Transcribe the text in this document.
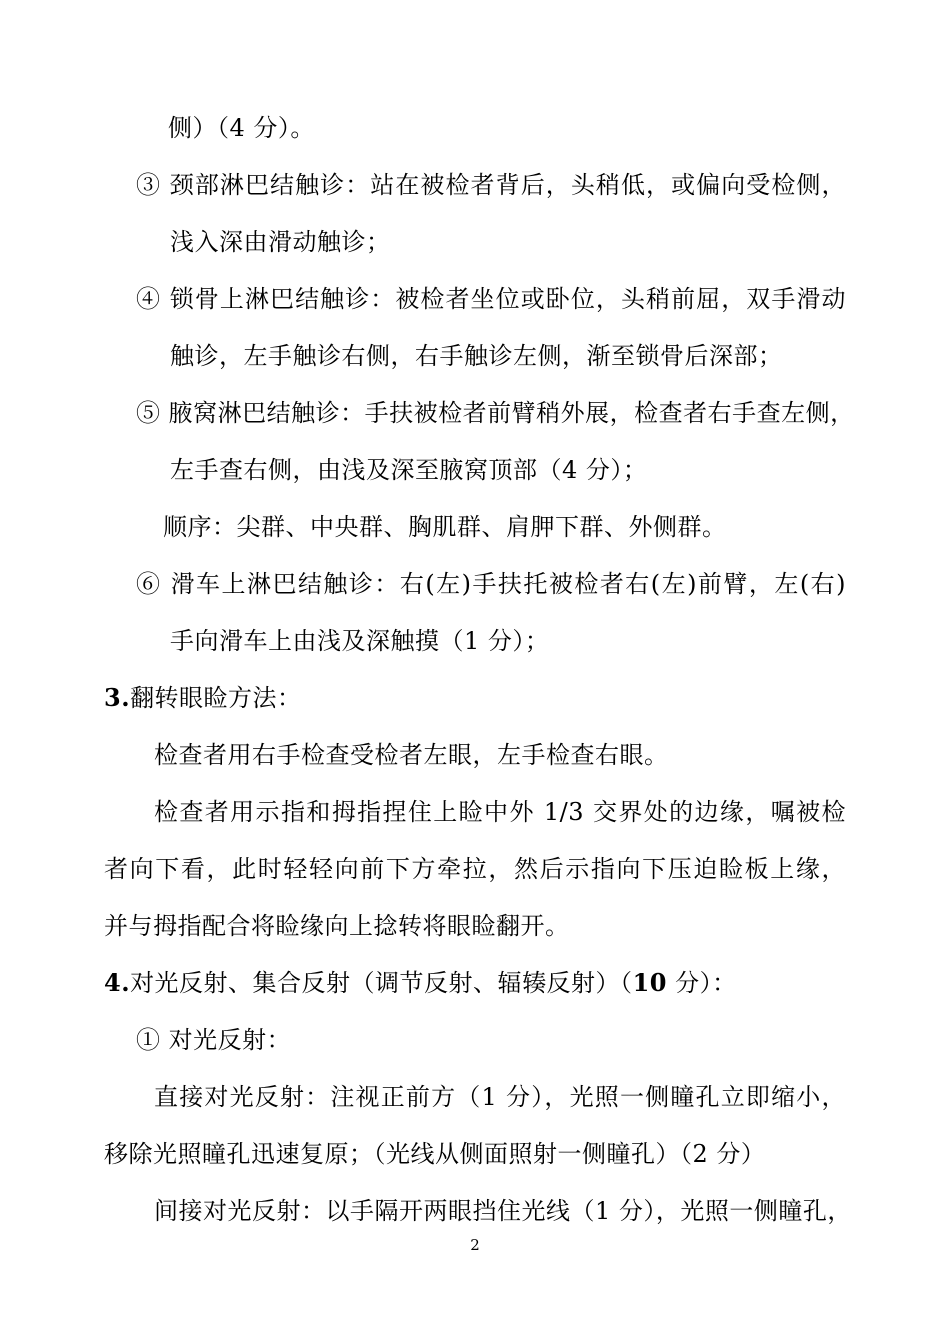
侧）（4 分）。
③ 颈部淋巴结触诊：站在被检者背后，头稍低，或偏向受检侧，
浅入深由滑动触诊；
④ 锁骨上淋巴结触诊：被检者坐位或卧位，头稍前屈，双手滑动
触诊，左手触诊右侧，右手触诊左侧，渐至锁骨后深部；
⑤ 腋窝淋巴结触诊：手扶被检者前臂稍外展，检查者右手查左侧，
左手查右侧，由浅及深至腋窝顶部（4 分）；
顺序：尖群、中央群、胸肌群、肩胛下群、外侧群。
⑥ 滑车上淋巴结触诊：右(左)手扶托被检者右(左)前臂，左(右)
手向滑车上由浅及深触摸（1 分）；
3.翻转眼睑方法：
检查者用右手检查受检者左眼，左手检查右眼。
检查者用示指和拇指捏住上睑中外 1/3 交界处的边缘，嘱被检
者向下看，此时轻轻向前下方牵拉，然后示指向下压迫睑板上缘，
并与拇指配合将睑缘向上捻转将眼睑翻开。
4.对光反射、集合反射（调节反射、辐辏反射）（10 分）：
① 对光反射：
直接对光反射：注视正前方（1 分），光照一侧瞳孔立即缩小，
移除光照瞳孔迅速复原；（光线从侧面照射一侧瞳孔）（2 分）
间接对光反射：以手隔开两眼挡住光线（1 分），光照一侧瞳孔，
2
